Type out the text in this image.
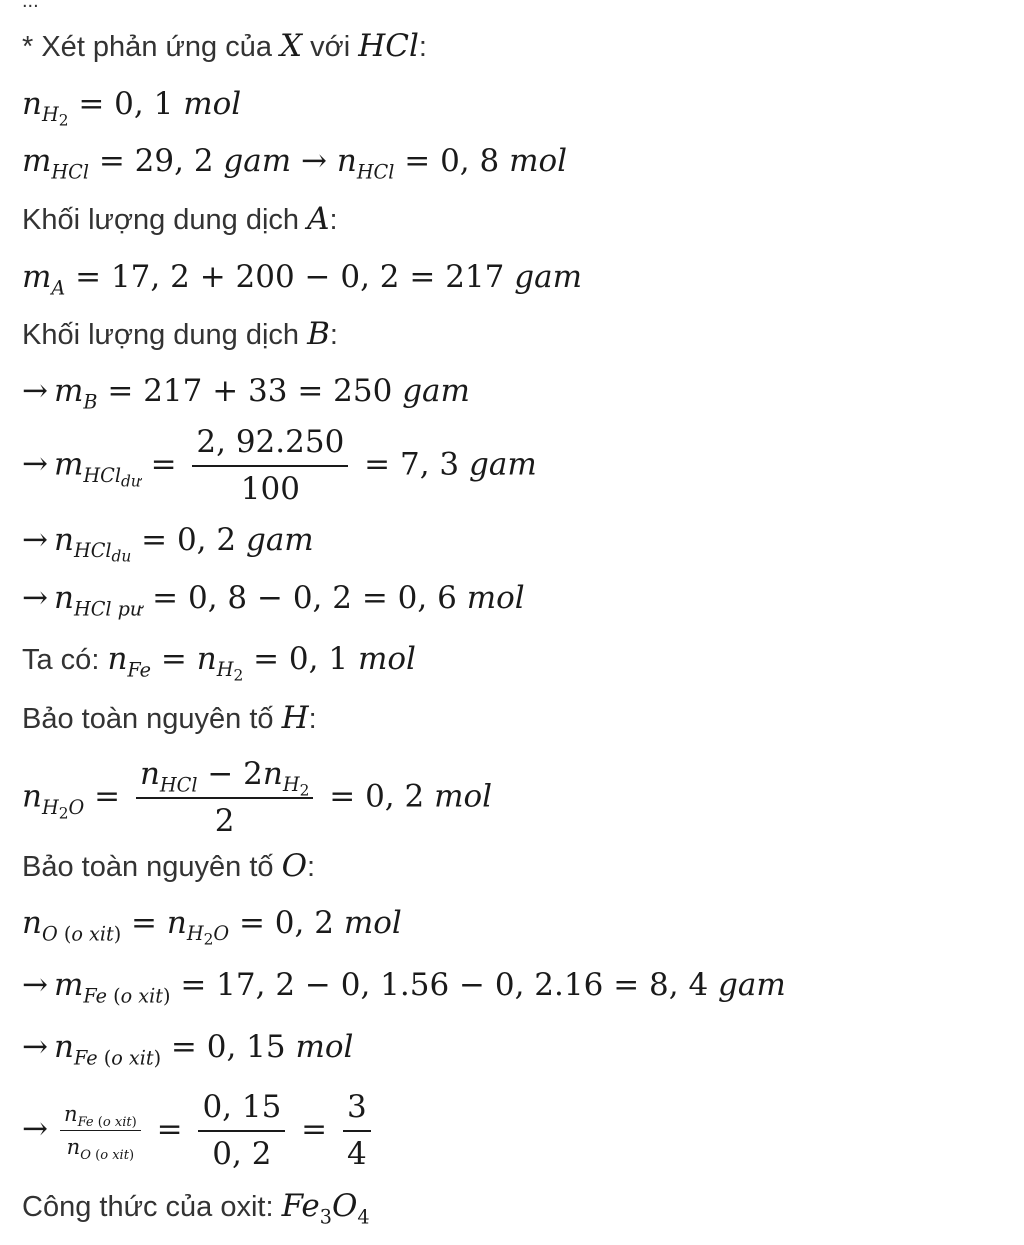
...
* Xét phản ứng của X với HCl:
$n_{H_2} = 0$, 1 mol
$m_{HCl} = 29$, 2 gam → $n_{HCl} = 0$, 8 mol
Khối lượng dung dịch A:
$m_A = 17$, 2 + 200 − 0, 2 = 217 gam
Khối lượng dung dịch B:
→ $m_B = 217 + 33 = 250$ gam
→ $m_{HCl_{dư}} = \frac{2, 92.250}{100} = 7$, 3 gam
→ $n_{HCl_{du}} = 0$, 2 gam
→ $n_{HCl pư} = 0$, 8 − 0, 2 = 0, 6 mol
Ta có: $n_{Fe} = n_{H_2} = 0$, 1 mol
Bảo toàn nguyên tố H:
$n_{H_2O} = \frac{n_{HCl} - 2n_{H_2}}{2} = 0$, 2 mol
Bảo toàn nguyên tố O:
$n_{O (o xit)} = n_{H_2O} = 0$, 2 mol
→ $m_{Fe (o xit)} = 17$, 2 − 0, 1.56 − 0, 2.16 = 8, 4 gam
→ $n_{Fe (o xit)} = 0$, 15 mol
→ $\frac{n_{Fe (o xit)}}{n_{O (o xit)}} = \frac{0, 15}{0, 2} = \frac{3}{4}$
Công thức của oxit: $Fe_3O_4$
